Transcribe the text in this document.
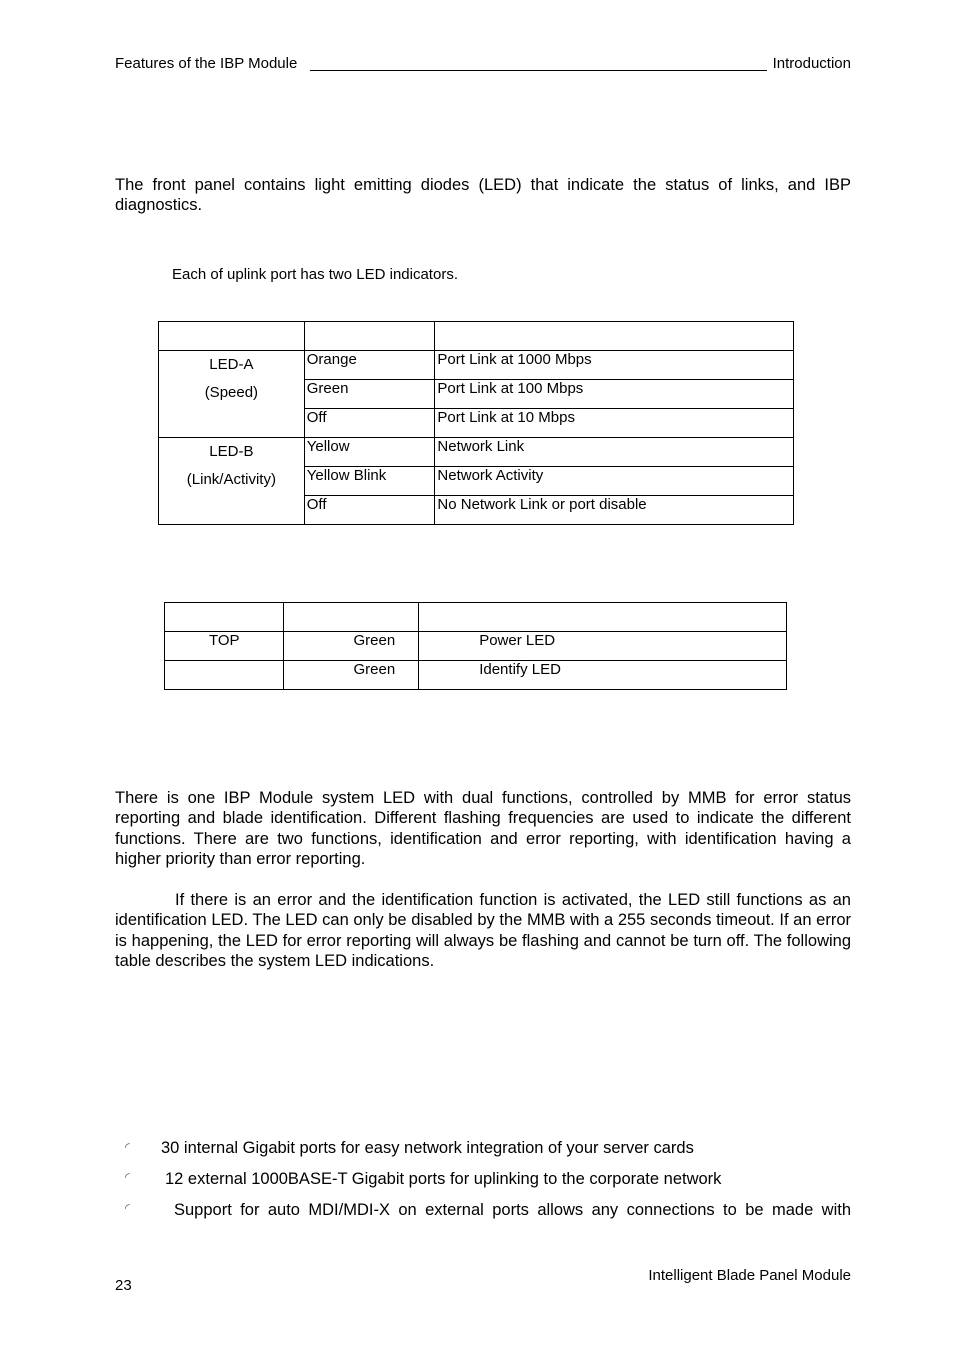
Features of the IBP Module	Introduction
The front panel contains light emitting diodes (LED) that indicate the status of links, and IBP diagnostics.
Each of uplink port has two LED indicators.

LED-A
(Speed)	Orange	Port Link at 1000 Mbps
	Green	Port Link at 100 Mbps
	Off	Port Link at 10 Mbps

LED-B
(Link/Activity)	Yellow	Network Link
	Yellow Blink	Network Activity
	Off	No Network Link or port disable

TOP	Green	Power LED
	Green	Identify LED
There is one IBP Module system LED with dual functions, controlled by MMB for error status reporting and blade identification. Different flashing frequencies are used to indicate the different functions. There are two functions, identification and error reporting, with identification having a higher priority than error reporting.
If there is an error and the identification function is activated, the LED still functions as an identification LED. The LED can only be disabled by the MMB with a 255 seconds timeout. If an error is happening, the LED for error reporting will always be flashing and cannot be turn off. The following table describes the system LED indications.
◜ 30 internal Gigabit ports for easy network integration of your server cards
◜ 12 external 1000BASE-T Gigabit ports for uplinking to the corporate network
◜	Support for auto MDI/MDI-X on external ports allows any connections to be made with
23
Intelligent Blade Panel Module
